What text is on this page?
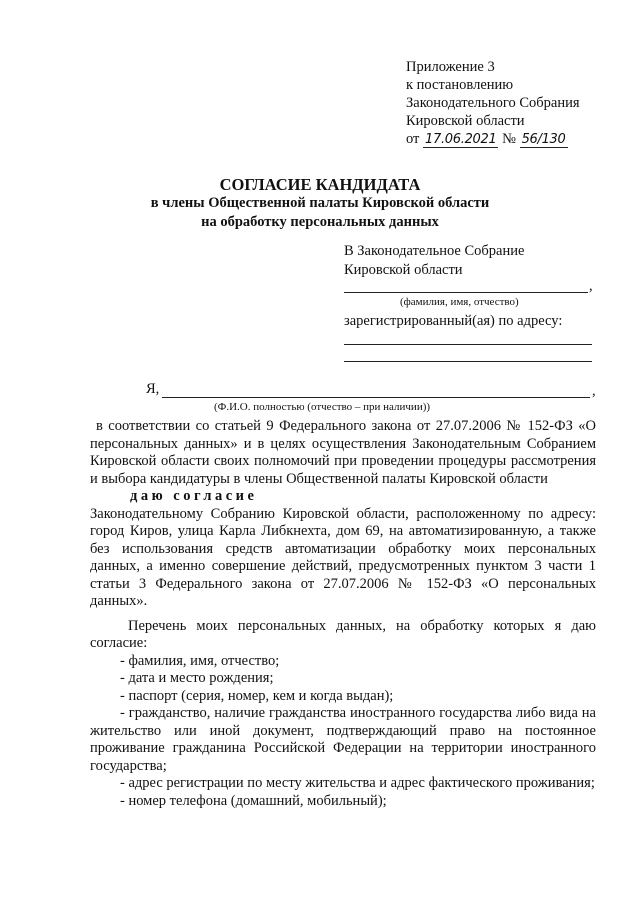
Приложение 3
к постановлению
Законодательного Собрания
Кировской области
от 17.06.2021 № 56/130
СОГЛАСИЕ КАНДИДАТА
в члены Общественной палаты Кировской области
на обработку персональных данных
В Законодательное Собрание
Кировской области
,
(фамилия, имя, отчество)
зарегистрированный(ая) по адресу:
Я,	,
(Ф.И.О. полностью (отчество – при наличии))

в соответствии со статьей 9 Федерального закона от 27.07.2006 № 152-ФЗ «О персональных данных» и в целях осуществления Законодательным Собранием Кировской области своих полномочий при проведении процедуры рассмотрения и выбора кандидатуры в члены Общественной палаты Кировской области

даю согласие

Законодательному Собранию Кировской области, расположенному по адресу: город Киров, улица Карла Либкнехта, дом 69, на автоматизированную, а также без использования средств автоматизации обработку моих персональных данных, а именно совершение действий, предусмотренных пунктом 3 части 1 статьи 3 Федерального закона от 27.07.2006 № 152-ФЗ «О персональных данных».

Перечень моих персональных данных, на обработку которых я даю согласие:

- фамилия, имя, отчество;

- дата и место рождения;

- паспорт (серия, номер, кем и когда выдан);

- гражданство, наличие гражданства иностранного государства либо вида на жительство или иной документ, подтверждающий право на постоянное проживание гражданина Российской Федерации на территории иностранного государства;

- адрес регистрации по месту жительства и адрес фактического проживания;

- номер телефона (домашний, мобильный);
